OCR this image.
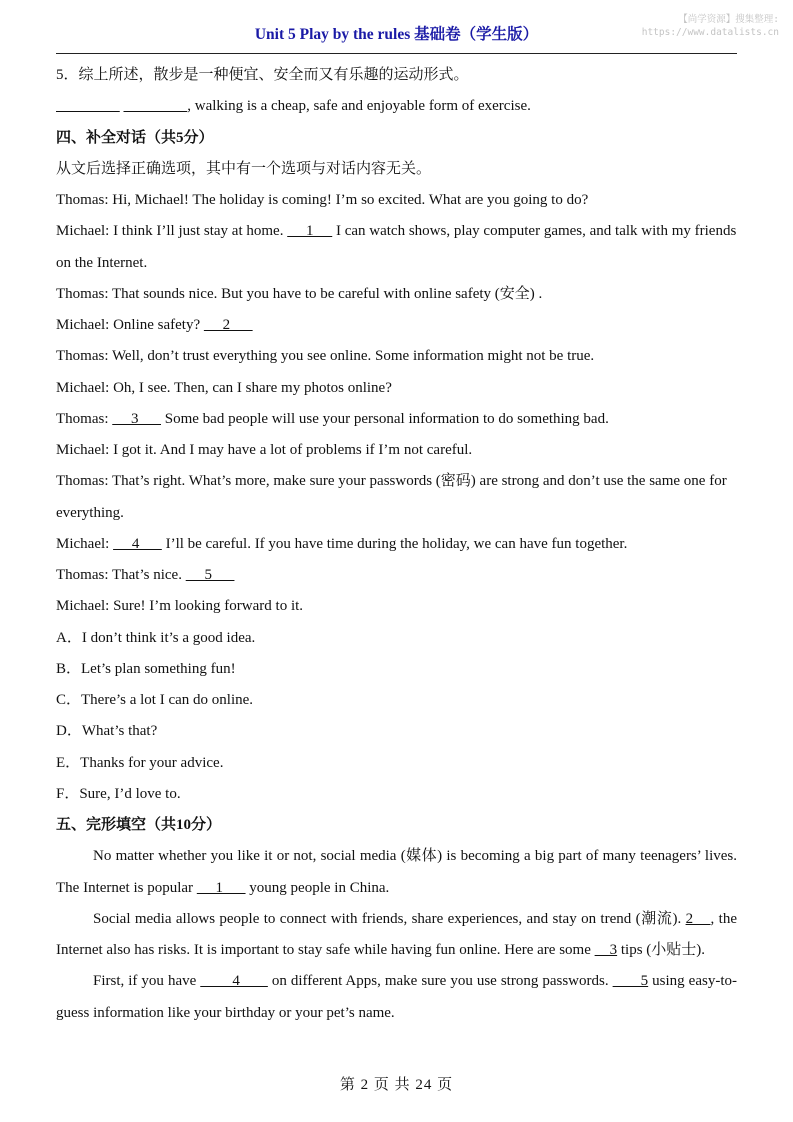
Unit 5 Play by the rules 基础卷（学生版）
【尚学资源】搜集整理:
https://www.datalists.cn

5．综上所述，散步是一种便宜、安全而又有乐趣的运动形式。

, walking is a cheap, safe and enjoyable form of exercise.

四、补全对话（共5分）

从文后选择正确选项，其中有一个选项与对话内容无关。

Thomas: Hi, Michael! The holiday is coming! I’m so excited. What are you going to do?

Michael: I think I’ll just stay at home.      1      I can watch shows, play computer games, and talk with my friends on the Internet.

Thomas: That sounds nice. But you have to be careful with online safety (安全) .

Michael: Online safety?      2

Thomas: Well, don’t trust everything you see online. Some information might not be true.

Michael: Oh, I see. Then, can I share my photos online?

Thomas:      3       Some bad people will use your personal information to do something bad.

Michael: I got it. And I may have a lot of problems if I’m not careful.

Thomas: That’s right. What’s more, make sure your passwords (密码) are strong and don’t use the same one for everything.

Michael:      4       I’ll be careful. If you have time during the holiday, we can have fun together.

Thomas: That’s nice.      5

Michael: Sure! I’m looking forward to it.

A．I don’t think it’s a good idea.

B．Let’s plan something fun!

C．There’s a lot I can do online.

D．What’s that?

E．Thanks for your advice.

F．Sure, I’d love to.

五、完形填空（共10分）

No matter whether you like it or not, social media (媒体) is becoming a big part of many teenagers’ lives. The Internet is popular      1       young people in China.

Social media allows people to connect with friends, share experiences, and stay on trend (潮流). 2    , the Internet also has risks. It is important to stay safe while having fun online. Here are some     3 tips (小贴士).

First, if you have         4        on different Apps, make sure you use strong passwords.        5 using easy-to-guess information like your birthday or your pet’s name.

第 2 页 共 24 页
